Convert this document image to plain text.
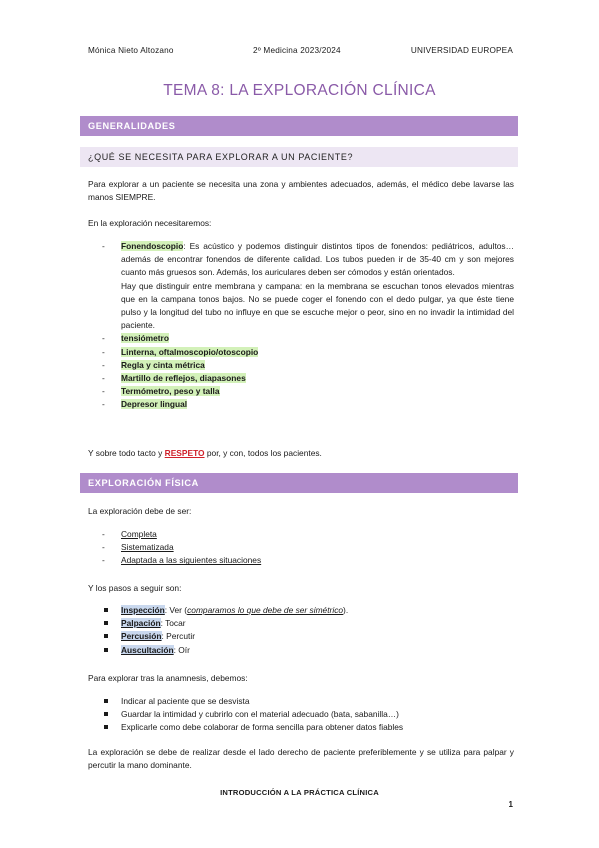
Mónica Nieto Altozano	2º Medicina 2023/2024	UNIVERSIDAD EUROPEA
TEMA 8: LA EXPLORACIÓN CLÍNICA
GENERALIDADES
¿QUÉ SE NECESITA PARA EXPLORAR A UN PACIENTE?
Para explorar a un paciente se necesita una zona y ambientes adecuados, además, el médico debe lavarse las manos SIEMPRE.
En la exploración necesitaremos:
- Fonendoscopio: Es acústico y podemos distinguir distintos tipos de fonendos: pediátricos, adultos… además de encontrar fonendos de diferente calidad. Los tubos pueden ir de 35-40 cm y son mejores cuanto más gruesos son. Además, los auriculares deben ser cómodos y están orientados.
Hay que distinguir entre membrana y campana: en la membrana se escuchan tonos elevados mientras que en la campana tonos bajos. No se puede coger el fonendo con el dedo pulgar, ya que éste tiene pulso y la longitud del tubo no influye en que se escuche mejor o peor, sino en no invadir la intimidad del paciente.
- tensiómetro
- Linterna, oftalmoscopio/otoscopio
- Regla y cinta métrica
- Martillo de reflejos, diapasones
- Termómetro, peso y talla
- Depresor lingual
Y sobre todo tacto y RESPETO por, y con, todos los pacientes.
EXPLORACIÓN FÍSICA
La exploración debe de ser:
- Completa
- Sistematizada
- Adaptada a las siguientes situaciones
Y los pasos a seguir son:
Inspección: Ver (comparamos lo que debe de ser simétrico).
Palpación: Tocar
Percusión: Percutir
Auscultación: Oír
Para explorar tras la anamnesis, debemos:
Indicar al paciente que se desvista
Guardar la intimidad y cubrirlo con el material adecuado (bata, sabanilla…)
Explicarle como debe colaborar de forma sencilla para obtener datos fiables
La exploración se debe de realizar desde el lado derecho de paciente preferiblemente y se utiliza para palpar y percutir la mano dominante.
INTRODUCCIÓN A LA PRÁCTICA CLÍNICA
1
